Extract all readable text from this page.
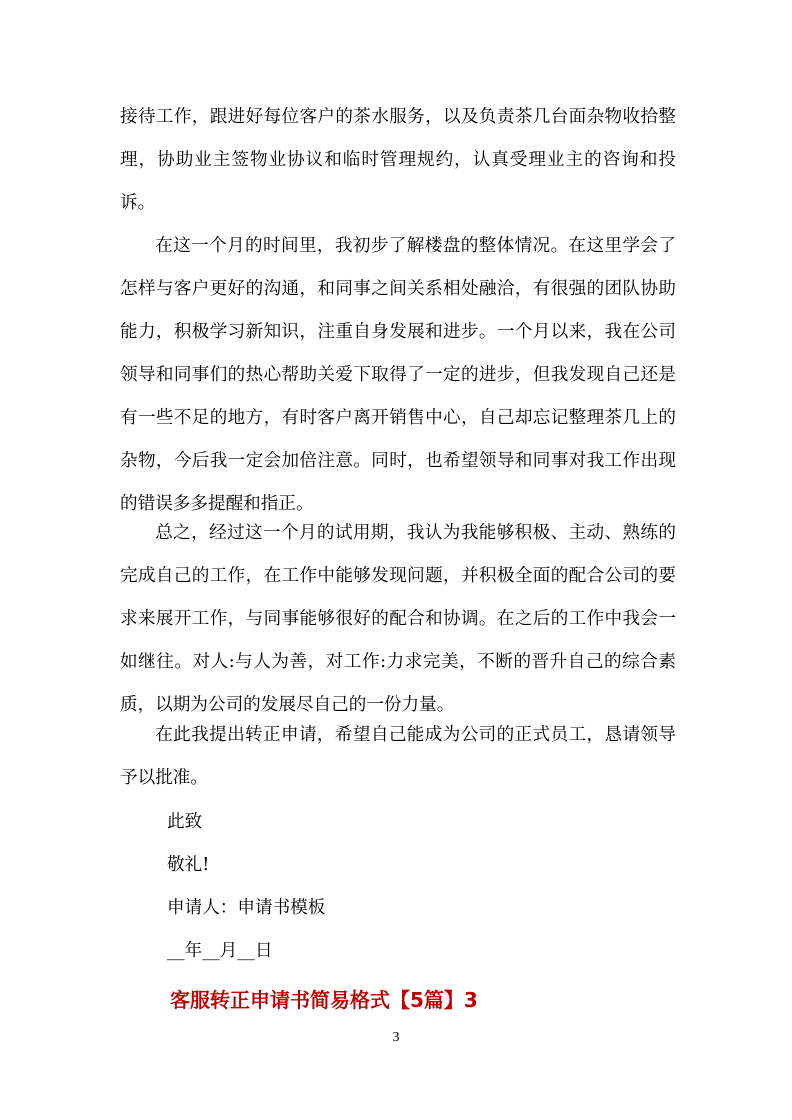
接待工作，跟进好每位客户的茶水服务，以及负责茶几台面杂物收拾整理，协助业主签物业协议和临时管理规约，认真受理业主的咨询和投诉。

在这一个月的时间里，我初步了解楼盘的整体情况。在这里学会了怎样与客户更好的沟通，和同事之间关系相处融洽，有很强的团队协助能力，积极学习新知识，注重自身发展和进步。一个月以来，我在公司领导和同事们的热心帮助关爱下取得了一定的进步，但我发现自己还是有一些不足的地方，有时客户离开销售中心，自己却忘记整理茶几上的杂物，今后我一定会加倍注意。同时，也希望领导和同事对我工作出现的错误多多提醒和指正。

总之，经过这一个月的试用期，我认为我能够积极、主动、熟练的完成自己的工作，在工作中能够发现问题，并积极全面的配合公司的要求来展开工作，与同事能够很好的配合和协调。在之后的工作中我会一如继往。对人:与人为善，对工作:力求完美，不断的晋升自己的综合素质，以期为公司的发展尽自己的一份力量。

在此我提出转正申请，希望自己能成为公司的正式员工，恳请领导予以批准。

此致

敬礼!

申请人：申请书模板

__年__月__日

客服转正申请书简易格式【5篇】3
3
